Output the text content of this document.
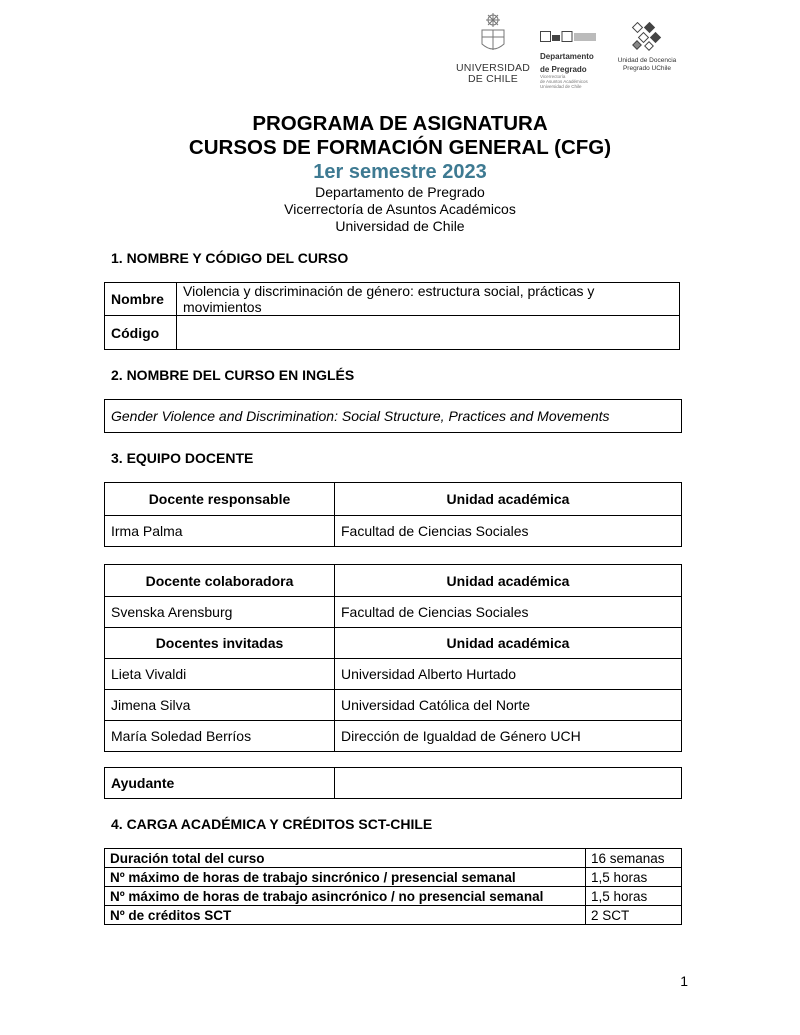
UNIVERSIDAD
DE CHILE
Departamento
de Pregrado
Vicerrectoría
de Asuntos Académicos
Universidad de Chile
Unidad de Docencia
Pregrado UChile
PROGRAMA DE ASIGNATURA
CURSOS DE FORMACIÓN GENERAL (CFG)
1er semestre 2023
Departamento de Pregrado
Vicerrectoría de Asuntos Académicos
Universidad de Chile
1. NOMBRE Y CÓDIGO DEL CURSO
Nombre	Violencia y discriminación de género: estructura social, prácticas y movimientos
Código	
2. NOMBRE DEL CURSO EN INGLÉS
Gender Violence and Discrimination: Social Structure, Practices and Movements
3. EQUIPO DOCENTE
Docente responsable	Unidad académica
Irma Palma	Facultad de Ciencias Sociales
Docente colaboradora	Unidad académica
Svenska Arensburg	Facultad de Ciencias Sociales
Docentes invitadas	Unidad académica
Lieta Vivaldi	Universidad Alberto Hurtado
Jimena Silva	Universidad Católica del Norte
María Soledad Berríos	Dirección de Igualdad de Género UCH
Ayudante	
4. CARGA ACADÉMICA Y CRÉDITOS SCT-CHILE
Duración total del curso	16 semanas
Nº máximo de horas de trabajo sincrónico / presencial semanal	1,5 horas
Nº máximo de horas de trabajo asincrónico / no presencial semanal	1,5 horas
Nº de créditos SCT	2 SCT
1
